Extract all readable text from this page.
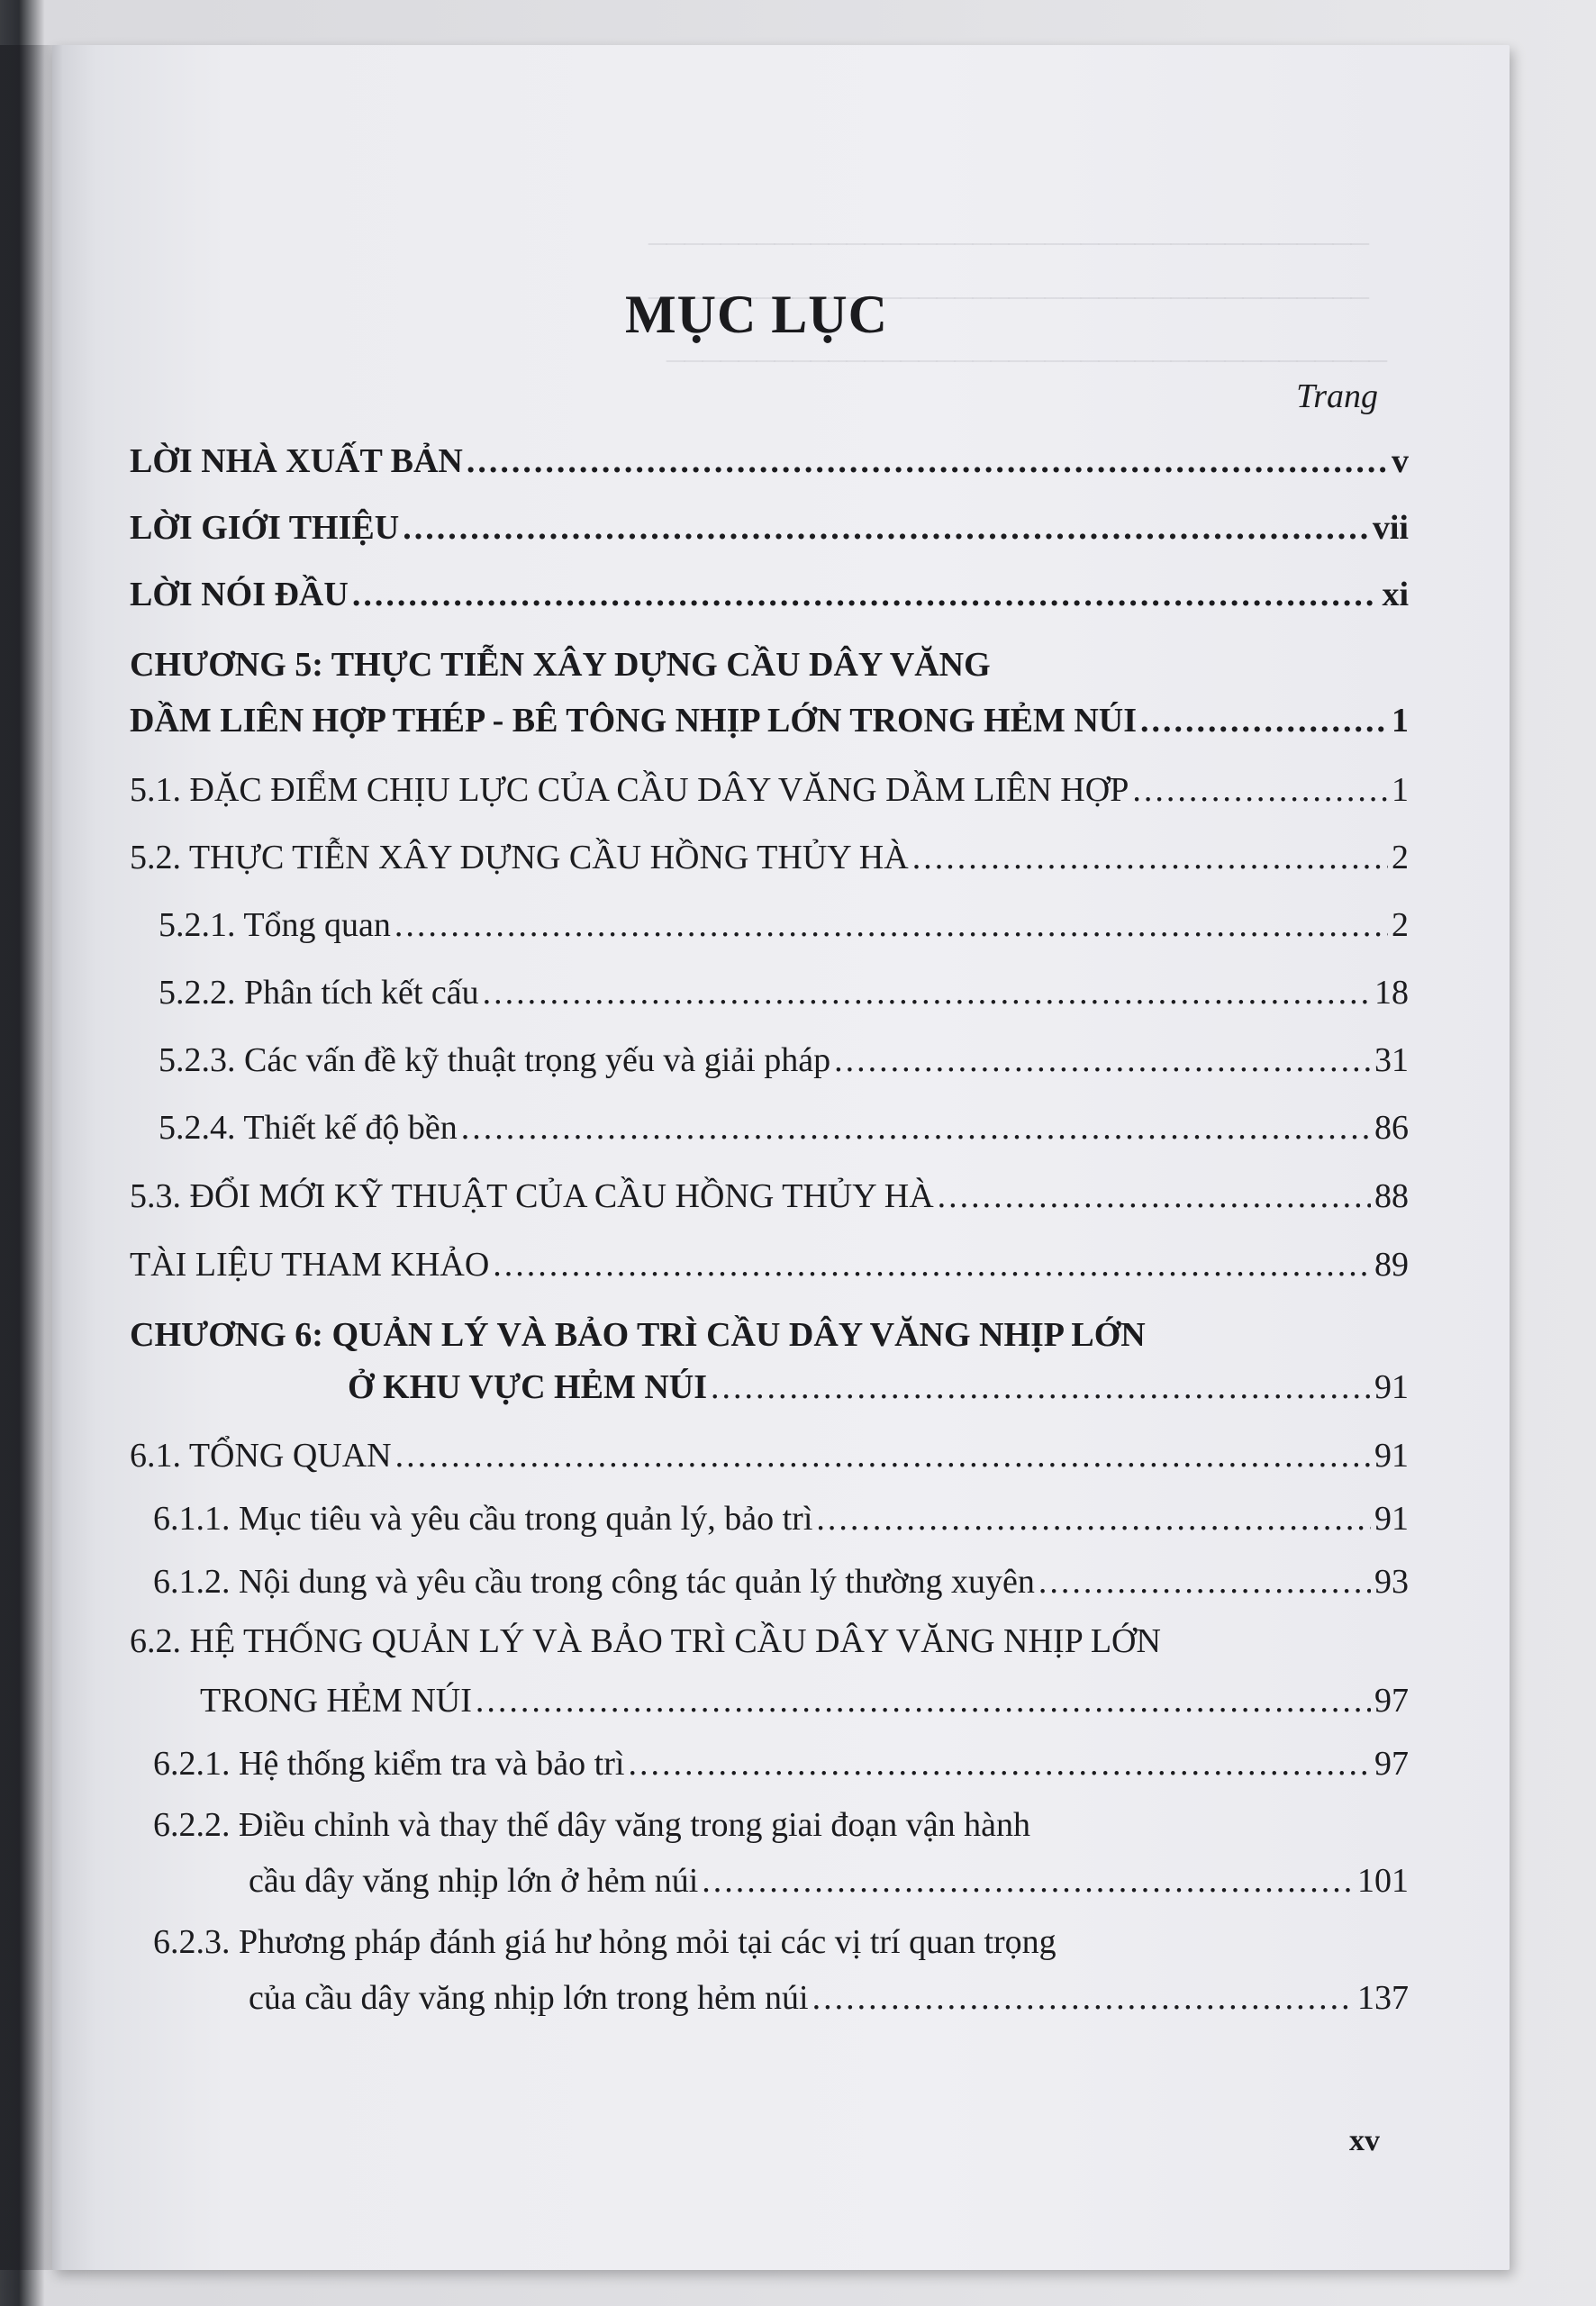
________________________________________
________________________________________
________________________________________
MỤC LỤC
Trang
LỜI NHÀ XUẤT BẢN .....	v
LỜI GIỚI THIỆU .....	vii
LỜI NÓI ĐẦU .....	xi
CHƯƠNG 5: THỰC TIỄN XÂY DỰNG CẦU DÂY VĂNG
DẦM LIÊN HỢP THÉP - BÊ TÔNG NHỊP LỚN TRONG HẺM NÚI .....	1
5.1. ĐẶC ĐIỂM CHỊU LỰC CỦA CẦU DÂY VĂNG DẦM LIÊN HỢP .....	1
5.2. THỰC TIỄN XÂY DỰNG CẦU HỒNG THỦY HÀ .....	2
5.2.1. Tổng quan .....	2
5.2.2. Phân tích kết cấu .....	18
5.2.3. Các vấn đề kỹ thuật trọng yếu và giải pháp .....	31
5.2.4. Thiết kế độ bền .....	86
5.3. ĐỔI MỚI KỸ THUẬT CỦA CẦU HỒNG THỦY HÀ .....	88
TÀI LIỆU THAM KHẢO .....	89
CHƯƠNG 6: QUẢN LÝ VÀ BẢO TRÌ CẦU DÂY VĂNG NHỊP LỚN
Ở KHU VỰC HẺM NÚI .....	91
6.1. TỔNG QUAN .....	91
6.1.1. Mục tiêu và yêu cầu trong quản lý, bảo trì .....	91
6.1.2. Nội dung và yêu cầu trong công tác quản lý thường xuyên .....	93
6.2. HỆ THỐNG QUẢN LÝ VÀ BẢO TRÌ CẦU DÂY VĂNG NHỊP LỚN
TRONG HẺM NÚI .....	97
6.2.1. Hệ thống kiểm tra và bảo trì .....	97
6.2.2. Điều chỉnh và thay thế dây văng trong giai đoạn vận hành
cầu dây văng nhịp lớn ở hẻm núi .....	101
6.2.3. Phương pháp đánh giá hư hỏng mỏi tại các vị trí quan trọng
của cầu dây văng nhịp lớn trong hẻm núi .....	137
xv
